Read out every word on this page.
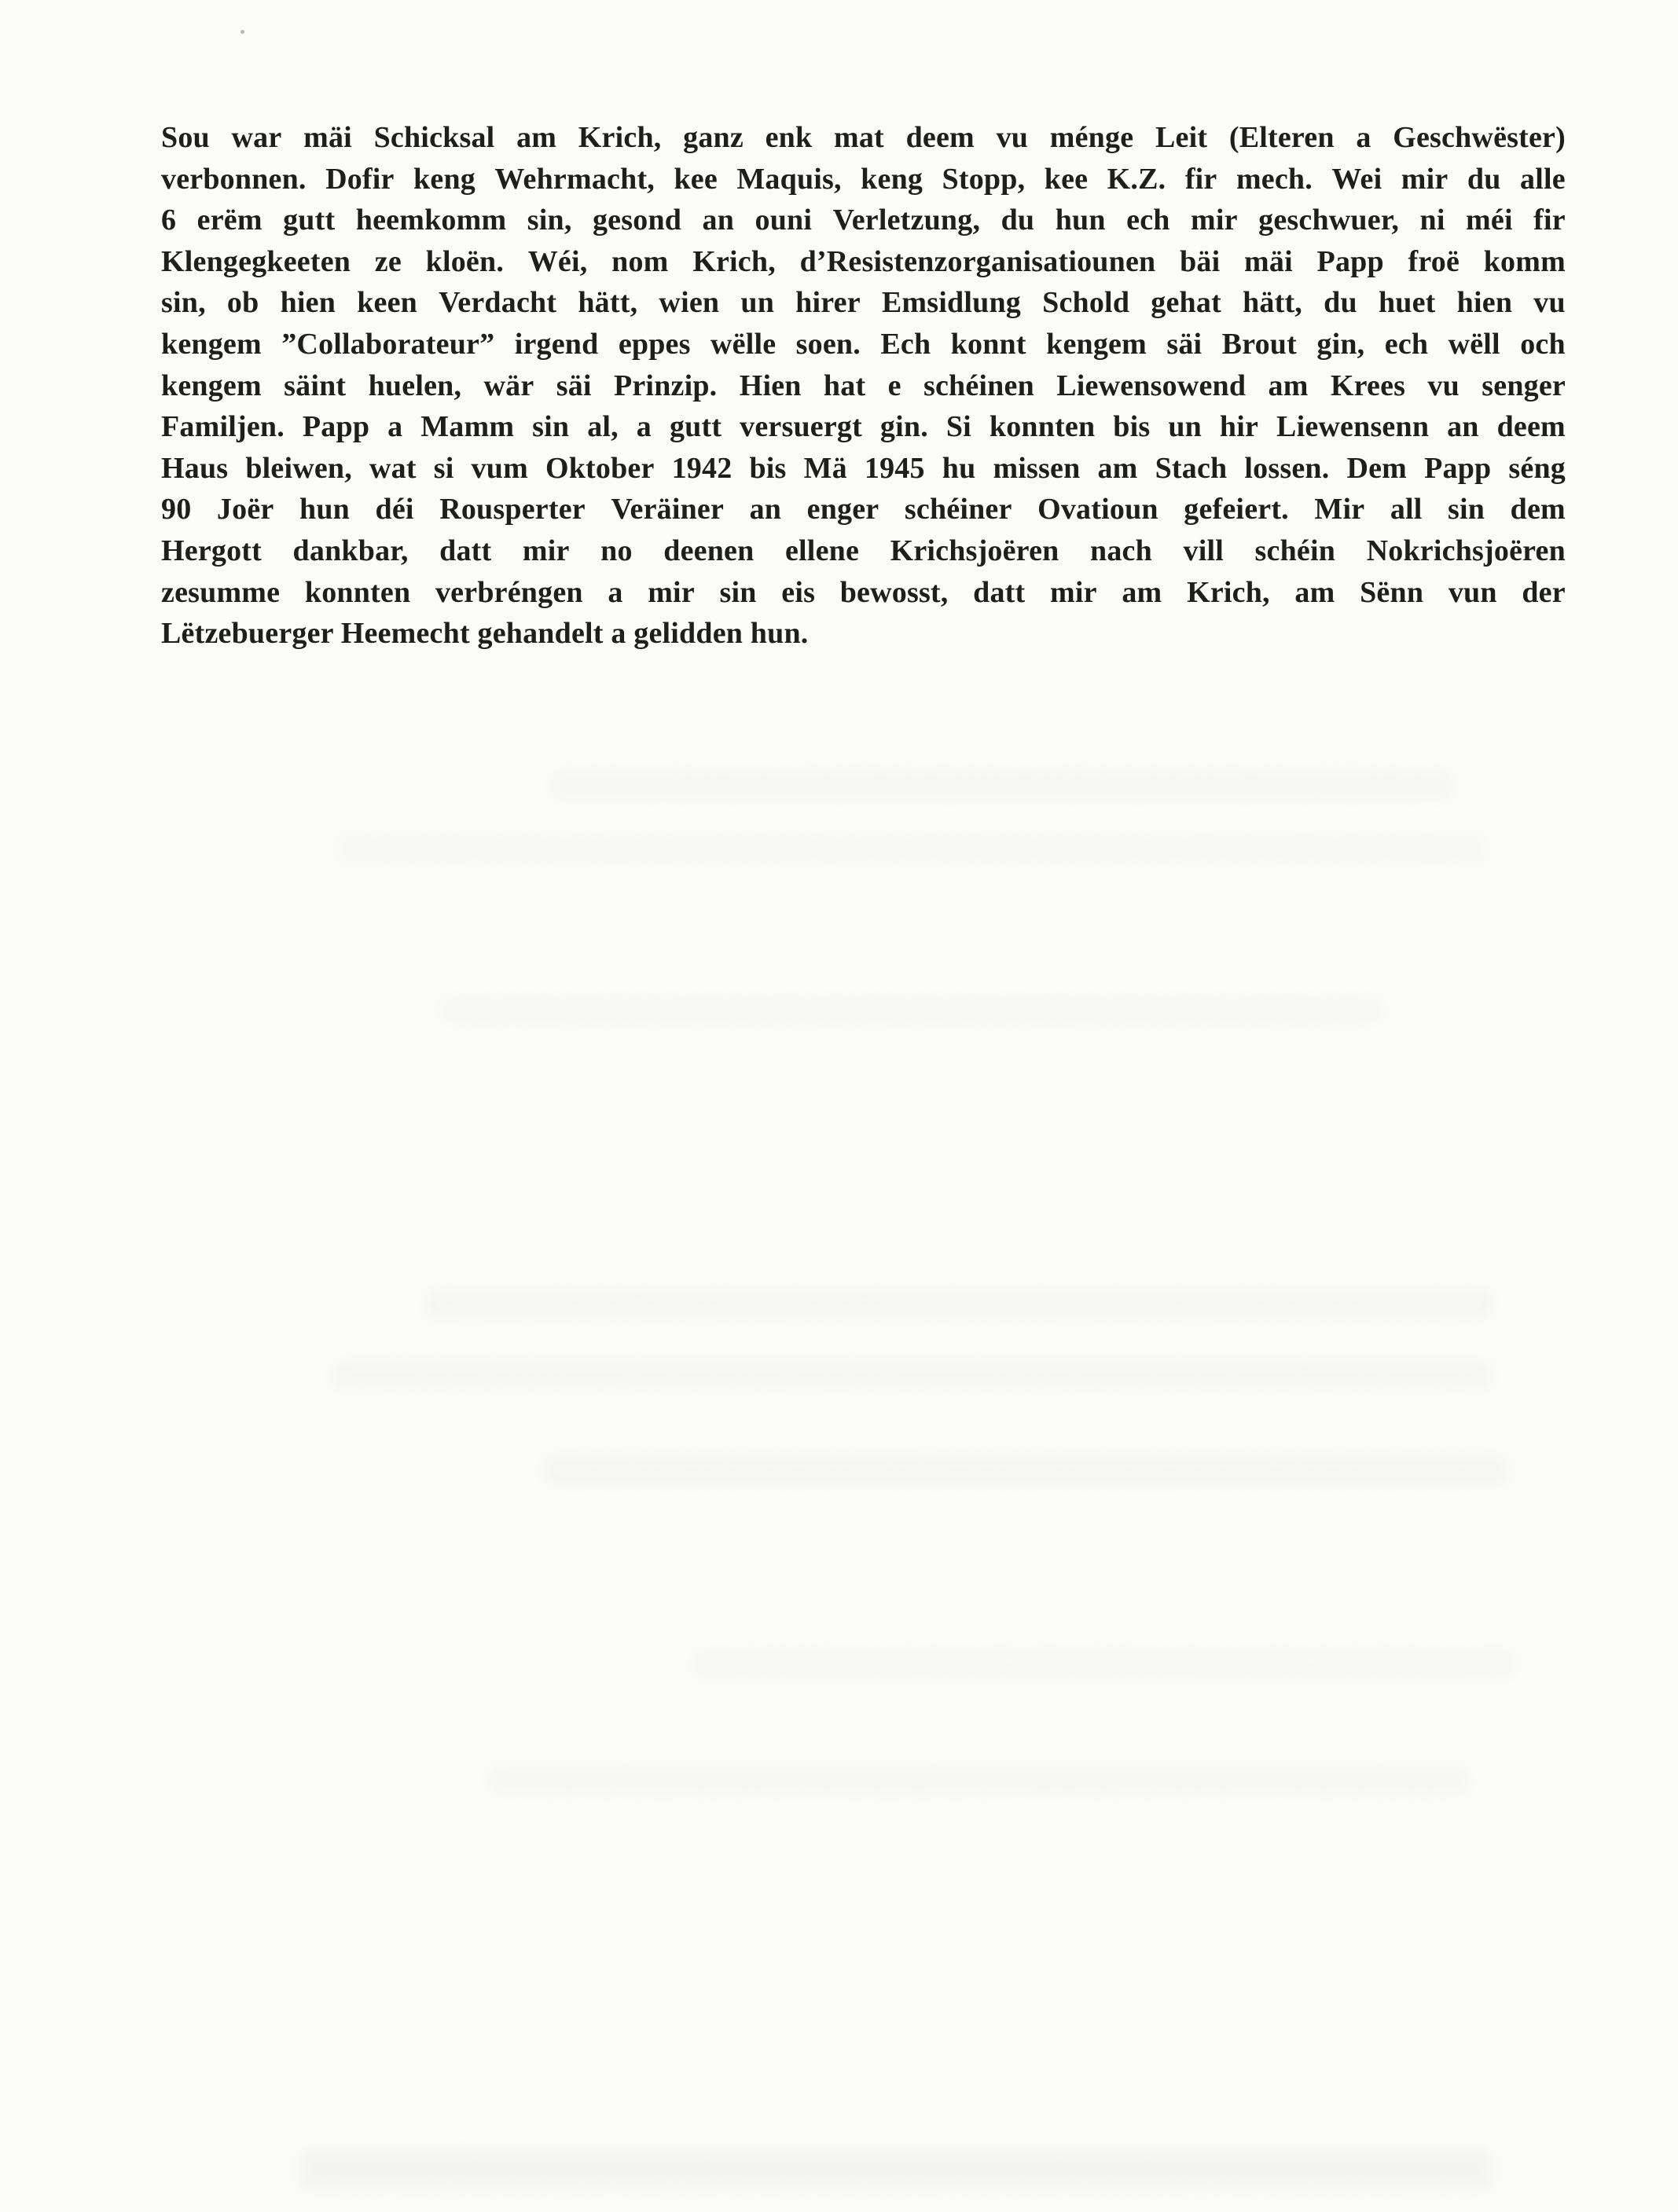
Sou war mäi Schicksal am Krich, ganz enk mat deem vu ménge Leit (Elteren a Geschwëster)
verbonnen. Dofir keng Wehrmacht, kee Maquis, keng Stopp, kee K.Z. fir mech. Wei mir du alle
6 erëm gutt heemkomm sin, gesond an ouni Verletzung, du hun ech mir geschwuer, ni méi fir
Klengegkeeten ze kloën. Wéi, nom Krich, d’Resistenzorganisatiounen bäi mäi Papp froë komm
sin, ob hien keen Verdacht hätt, wien un hirer Emsidlung Schold gehat hätt, du huet hien vu
kengem ”Collaborateur” irgend eppes wëlle soen. Ech konnt kengem säi Brout gin, ech wëll och
kengem säint huelen, wär säi Prinzip. Hien hat e schéinen Liewensowend am Krees vu senger
Familjen. Papp a Mamm sin al, a gutt versuergt gin. Si konnten bis un hir Liewensenn an deem
Haus bleiwen, wat si vum Oktober 1942 bis Mä 1945 hu missen am Stach lossen. Dem Papp séng
90 Joër hun déi Rousperter Veräiner an enger schéiner Ovatioun gefeiert. Mir all sin dem
Hergott dankbar, datt mir no deenen ellene Krichsjoëren nach vill schéin Nokrichsjoëren
zesumme konnten verbréngen a mir sin eis bewosst, datt mir am Krich, am Sënn vun der
Lëtzebuerger Heemecht gehandelt a gelidden hun.
